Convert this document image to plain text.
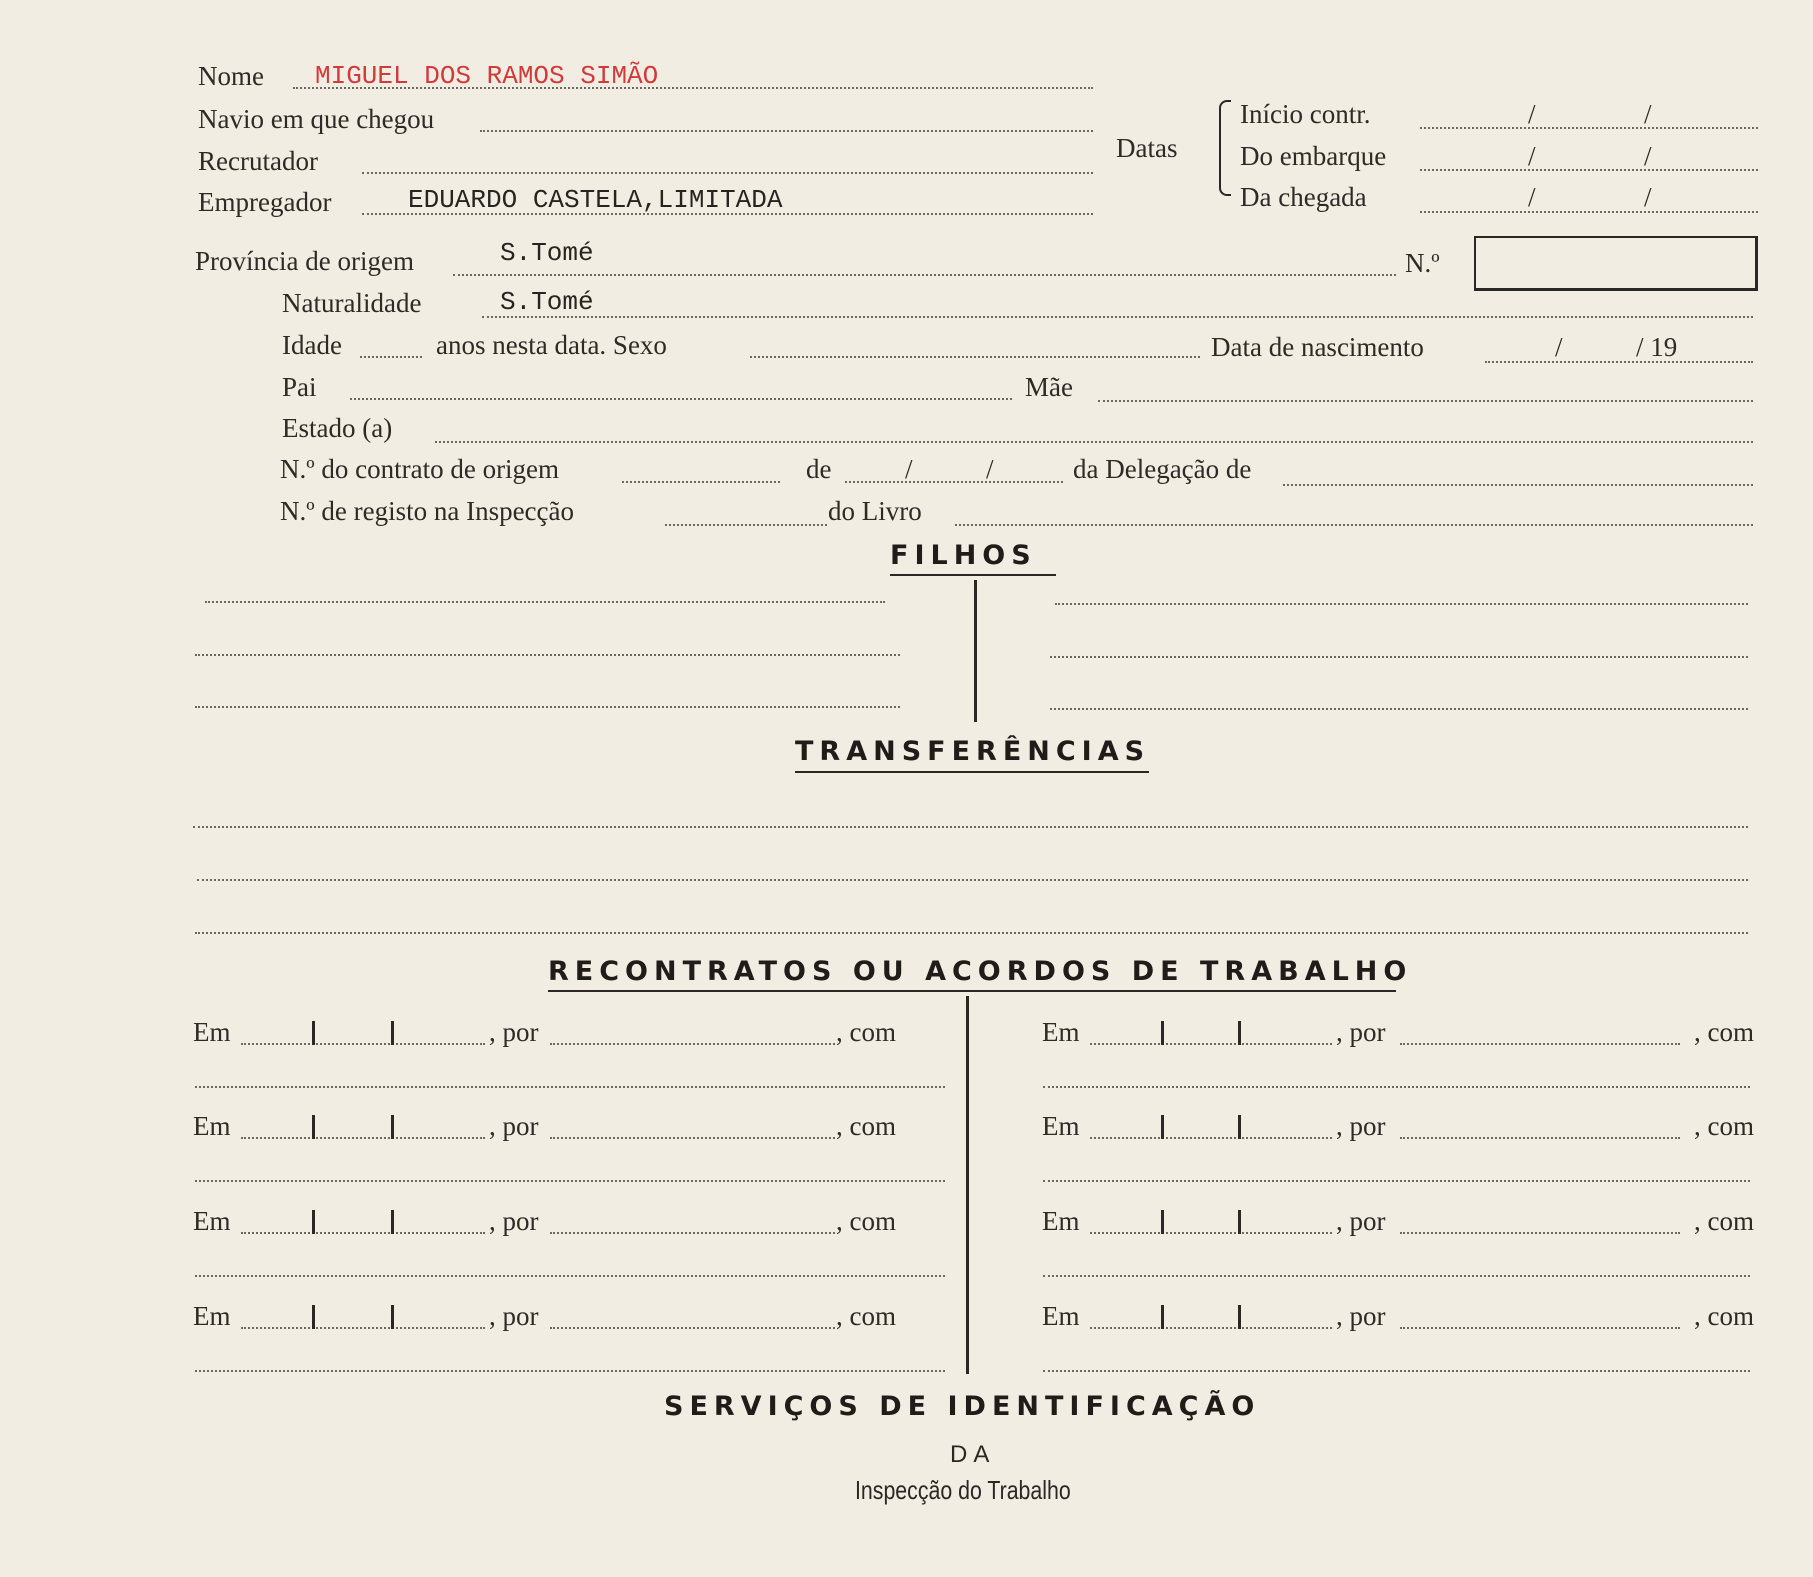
Nome MIGUEL DOS RAMOS SIMÃO
Navio em que chegou
Recrutador
Empregador	EDUARDO CASTELA,LIMITADA
Datas
Início contr.	/	/
Do embarque	/	/
Da chegada	/	/
Província de origem	S.Tomé	N.º
Naturalidade	S.Tomé
Idade	anos nesta data. Sexo	Data de nascimento	/	/ 19
Pai	Mãe
Estado (a)
N.º do contrato de origem	de	/	/	da Delegação de
N.º de registo na Inspecção	do Livro
FILHOS
TRANSFERÊNCIAS
RECONTRATOS OU ACORDOS DE TRABALHO
Em	, por	, com	Em	, por	, com
Em	, por	, com	Em	, por	, com
Em	, por	, com	Em	, por	, com
Em	, por	, com	Em	, por	, com
SERVIÇOS DE IDENTIFICAÇÃO
DA
Inspecção do Trabalho
